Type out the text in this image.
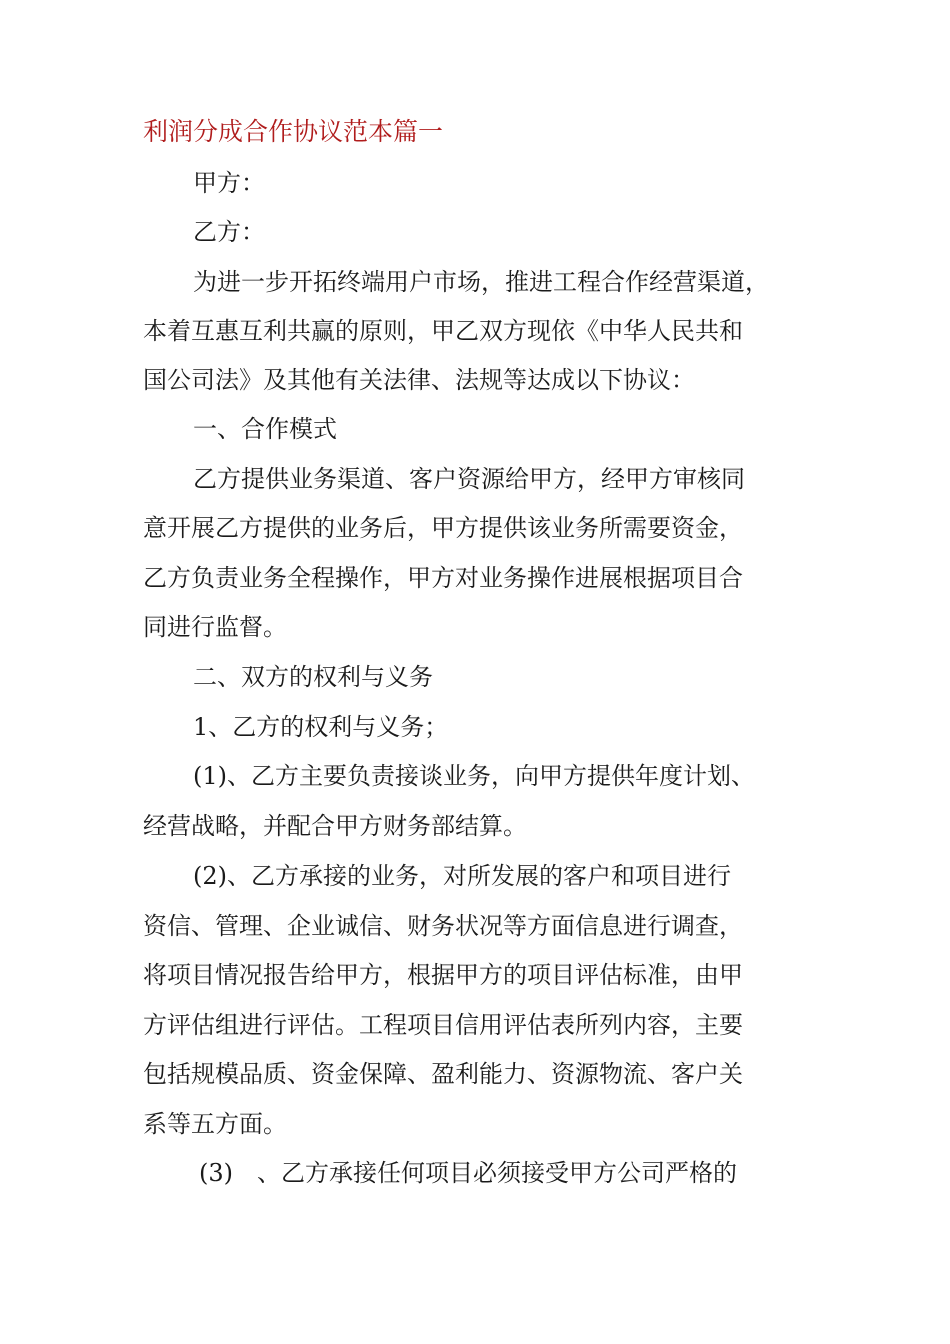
利润分成合作协议范本篇一
甲方：
乙方：
为进一步开拓终端用户市场，推进工程合作经营渠道，
本着互惠互利共赢的原则，甲乙双方现依《中华人民共和
国公司法》及其他有关法律、法规等达成以下协议：
一、合作模式
乙方提供业务渠道、客户资源给甲方，经甲方审核同
意开展乙方提供的业务后，甲方提供该业务所需要资金，
乙方负责业务全程操作，甲方对业务操作进展根据项目合
同进行监督。
二、双方的权利与义务
1、乙方的权利与义务；
(1)、乙方主要负责接谈业务，向甲方提供年度计划、
经营战略，并配合甲方财务部结算。
(2)、乙方承接的业务，对所发展的客户和项目进行
资信、管理、企业诚信、财务状况等方面信息进行调查，
将项目情况报告给甲方，根据甲方的项目评估标准，由甲
方评估组进行评估。工程项目信用评估表所列内容，主要
包括规模品质、资金保障、盈利能力、资源物流、客户关
系等五方面。
(3)　、乙方承接任何项目必须接受甲方公司严格的
